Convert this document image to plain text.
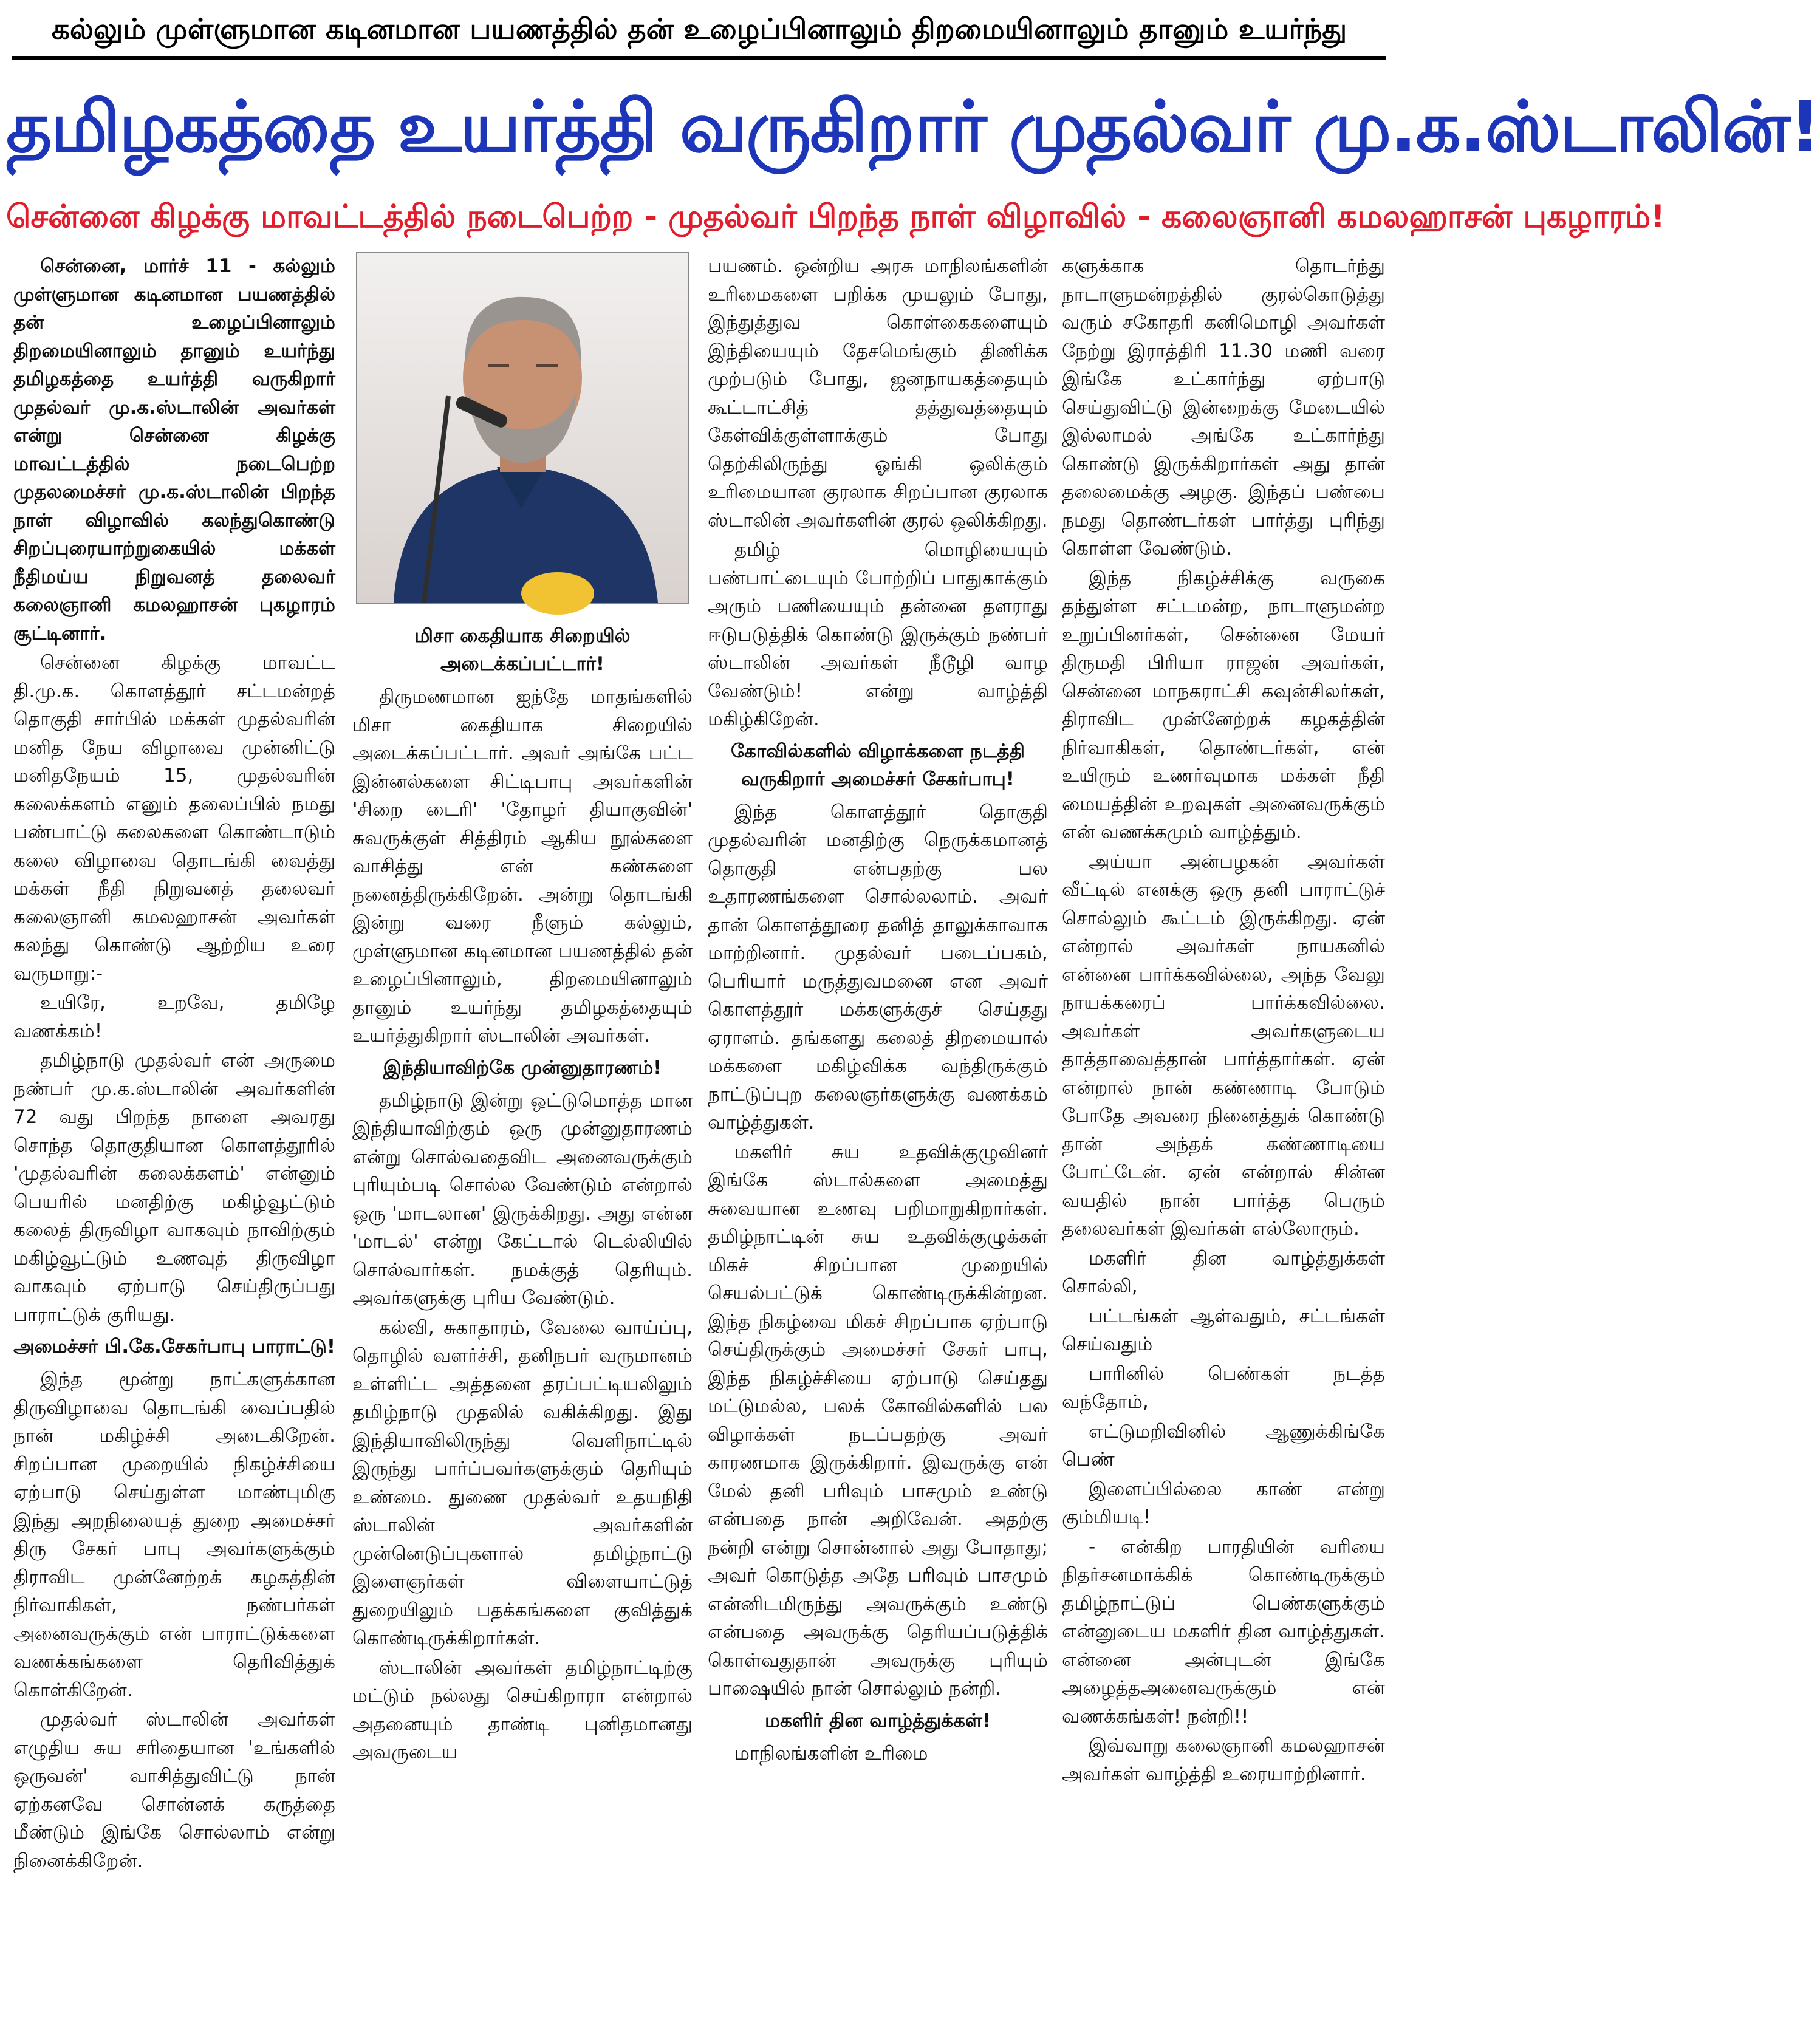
கல்லும் முள்ளுமான கடினமான பயணத்தில் தன் உழைப்பினாலும் திறமையினாலும் தானும் உயர்ந்து
தமிழகத்தை உயர்த்தி வருகிறார் முதல்வர் மு.க.ஸ்டாலின்!
சென்னை கிழக்கு மாவட்டத்தில் நடைபெற்ற - முதல்வர் பிறந்த நாள் விழாவில் - கலைஞானி கமலஹாசன் புகழாரம்!

சென்னை, மார்ச் 11 - கல்லும் முள்ளுமான கடினமான பயணத்தில் தன் உழைப்பினாலும் திறமையினாலும் தானும் உயர்ந்து தமிழகத்தை உயர்த்தி வருகிறார் முதல்வர் மு.க.ஸ்டாலின் அவர்கள் என்று சென்னை கிழக்கு மாவட்டத்தில் நடைபெற்ற முதலமைச்சர் மு.க.ஸ்டாலின் பிறந்த நாள் விழாவில் கலந்துகொண்டு சிறப்புரையாற்றுகையில் மக்கள் நீதிமய்ய நிறுவனத் தலைவர் கலைஞானி கமலஹாசன் புகழாரம் சூட்டினார்.

சென்னை கிழக்கு மாவட்ட தி.மு.க. கொளத்தூர் சட்டமன்றத் தொகுதி சார்பில் மக்கள் முதல்வரின் மனித நேய விழாவை முன்னிட்டு மனிதநேயம் 15, முதல்வரின் கலைக்களம் எனும் தலைப்பில் நமது பண்பாட்டு கலைகளை கொண்டாடும் கலை விழாவை தொடங்கி வைத்து மக்கள் நீதி நிறுவனத் தலைவர் கலைஞானி கமலஹாசன் அவர்கள் கலந்து கொண்டு ஆற்றிய உரை வருமாறு:-

உயிரே, உறவே, தமிழே வணக்கம்!

தமிழ்நாடு முதல்வர் என் அருமை நண்பர் மு.க.ஸ்டாலின் அவர்களின் 72 வது பிறந்த நாளை அவரது சொந்த தொகுதியான கொளத்தூரில் 'முதல்வரின் கலைக்களம்' என்னும் பெயரில் மனதிற்கு மகிழ்வூட்டும் கலைத் திருவிழா வாகவும் நாவிற்கும் மகிழ்வூட்டும் உணவுத் திருவிழா வாகவும் ஏற்பாடு செய்திருப்பது பாராட்டுக் குரியது.

அமைச்சர் பி.கே.சேகர்பாபு பாராட்டு!

இந்த மூன்று நாட்களுக்கான திருவிழாவை தொடங்கி வைப்பதில் நான் மகிழ்ச்சி அடைகிறேன். சிறப்பான முறையில் நிகழ்ச்சியை ஏற்பாடு செய்துள்ள மாண்புமிகு இந்து அறநிலையத் துறை அமைச்சர் திரு சேகர் பாபு அவர்களுக்கும் திராவிட முன்னேற்றக் கழகத்தின் நிர்வாகிகள், நண்பர்கள் அனைவருக்கும் என் பாராட்டுக்களை வணக்கங்களை தெரிவித்துக் கொள்கிறேன்.

முதல்வர் ஸ்டாலின் அவர்கள் எழுதிய சுய சரிதையான 'உங்களில் ஒருவன்' வாசித்துவிட்டு நான் ஏற்கனவே சொன்னக் கருத்தை மீண்டும் இங்கே சொல்லாம் என்று நினைக்கிறேன்.

மிசா கைதியாக சிறையில் அடைக்கப்பட்டார்!

திருமணமான ஐந்தே மாதங்களில் மிசா கைதியாக சிறையில் அடைக்கப்பட்டார். அவர் அங்கே பட்ட இன்னல்களை சிட்டிபாபு அவர்களின் 'சிறை டைரி' 'தோழர் தியாகுவின்' சுவருக்குள் சித்திரம் ஆகிய நூல்களை வாசித்து என் கண்களை நனைத்திருக்கிறேன். அன்று தொடங்கி இன்று வரை நீளும் கல்லும், முள்ளுமான கடினமான பயணத்தில் தன் உழைப்பினாலும், திறமையினாலும் தானும் உயர்ந்து தமிழகத்தையும் உயர்த்துகிறார் ஸ்டாலின் அவர்கள்.

இந்தியாவிற்கே முன்னுதாரணம்!

தமிழ்நாடு இன்று ஒட்டுமொத்த மான இந்தியாவிற்கும் ஒரு முன்னுதாரணம் என்று சொல்வதைவிட அனைவருக்கும் புரியும்படி சொல்ல வேண்டும் என்றால் ஒரு 'மாடலான' இருக்கிறது. அது என்ன 'மாடல்' என்று கேட்டால் டெல்லியில் சொல்வார்கள். நமக்குத் தெரியும். அவர்களுக்கு புரிய வேண்டும்.

கல்வி, சுகாதாரம், வேலை வாய்ப்பு, தொழில் வளர்ச்சி, தனிநபர் வருமானம் உள்ளிட்ட அத்தனை தரப்பட்டியலிலும் தமிழ்நாடு முதலில் வகிக்கிறது. இது இந்தியாவிலிருந்து வெளிநாட்டில் இருந்து பார்ப்பவர்களுக்கும் தெரியும் உண்மை. துணை முதல்வர் உதயநிதி ஸ்டாலின் அவர்களின் முன்னெடுப்புகளால் தமிழ்நாட்டு இளைஞர்கள் விளையாட்டுத் துறையிலும் பதக்கங்களை குவித்துக் கொண்டிருக்கிறார்கள்.

ஸ்டாலின் அவர்கள் தமிழ்நாட்டிற்கு மட்டும் நல்லது செய்கிறாரா என்றால் அதனையும் தாண்டி புனிதமானது அவருடைய

பயணம். ஒன்றிய அரசு மாநிலங்களின் உரிமைகளை பறிக்க முயலும் போது, இந்துத்துவ கொள்கைகளையும் இந்தியையும் தேசமெங்கும் திணிக்க முற்படும் போது, ஜனநாயகத்தையும் கூட்டாட்சித் தத்துவத்தையும் கேள்விக்குள்ளாக்கும் போது தெற்கிலிருந்து ஓங்கி ஒலிக்கும் உரிமையான குரலாக சிறப்பான குரலாக ஸ்டாலின் அவர்களின் குரல் ஒலிக்கிறது.

தமிழ் மொழியையும் பண்பாட்டையும் போற்றிப் பாதுகாக்கும் அரும் பணியையும் தன்னை தளராது ஈடுபடுத்திக் கொண்டு இருக்கும் நண்பர் ஸ்டாலின் அவர்கள் நீடூழி வாழ வேண்டும்! என்று வாழ்த்தி மகிழ்கிறேன்.

கோவில்களில் விழாக்களை நடத்தி வருகிறார் அமைச்சர் சேகர்பாபு!

இந்த கொளத்தூர் தொகுதி முதல்வரின் மனதிற்கு நெருக்கமானத் தொகுதி என்பதற்கு பல உதாரணங்களை சொல்லலாம். அவர் தான் கொளத்தூரை தனித் தாலுக்காவாக மாற்றினார். முதல்வர் படைப்பகம், பெரியார் மருத்துவமனை என அவர் கொளத்தூர் மக்களுக்குச் செய்தது ஏராளம். தங்களது கலைத் திறமையால் மக்களை மகிழ்விக்க வந்திருக்கும் நாட்டுப்புற கலைஞர்களுக்கு வணக்கம் வாழ்த்துகள்.

மகளிர் சுய உதவிக்குழுவினர் இங்கே ஸ்டால்களை அமைத்து சுவையான உணவு பறிமாறுகிறார்கள். தமிழ்நாட்டின் சுய உதவிக்குழுக்கள் மிகச் சிறப்பான முறையில் செயல்பட்டுக் கொண்டிருக்கின்றன. இந்த நிகழ்வை மிகச் சிறப்பாக ஏற்பாடு செய்திருக்கும் அமைச்சர் சேகர் பாபு, இந்த நிகழ்ச்சியை ஏற்பாடு செய்தது மட்டுமல்ல, பலக் கோவில்களில் பல விழாக்கள் நடப்பதற்கு அவர் காரணமாக இருக்கிறார். இவருக்கு என் மேல் தனி பரிவும் பாசமும் உண்டு என்பதை நான் அறிவேன். அதற்கு நன்றி என்று சொன்னால் அது போதாது; அவர் கொடுத்த அதே பரிவும் பாசமும் என்னிடமிருந்து அவருக்கும் உண்டு என்பதை அவருக்கு தெரியப்படுத்திக் கொள்வதுதான் அவருக்கு புரியும் பாஷையில் நான் சொல்லும் நன்றி.

மகளிர் தின வாழ்த்துக்கள்!

மாநிலங்களின் உரிமை

களுக்காக தொடர்ந்து நாடாளுமன்றத்தில் குரல்கொடுத்து வரும் சகோதரி கனிமொழி அவர்கள் நேற்று இராத்திரி 11.30 மணி வரை இங்கே உட்கார்ந்து ஏற்பாடு செய்துவிட்டு இன்றைக்கு மேடையில் இல்லாமல் அங்கே உட்கார்ந்து கொண்டு இருக்கிறார்கள் அது தான் தலைமைக்கு அழகு. இந்தப் பண்பை நமது தொண்டர்கள் பார்த்து புரிந்து கொள்ள வேண்டும்.

இந்த நிகழ்ச்சிக்கு வருகை தந்துள்ள சட்டமன்ற, நாடாளுமன்ற உறுப்பினர்கள், சென்னை மேயர் திருமதி பிரியா ராஜன் அவர்கள், சென்னை மாநகராட்சி கவுன்சிலர்கள், திராவிட முன்னேற்றக் கழகத்தின் நிர்வாகிகள், தொண்டர்கள், என் உயிரும் உணர்வுமாக மக்கள் நீதி மையத்தின் உறவுகள் அனைவருக்கும் என் வணக்கமும் வாழ்த்தும்.

அய்யா அன்பழகன் அவர்கள் வீட்டில் எனக்கு ஒரு தனி பாராட்டுச் சொல்லும் கூட்டம் இருக்கிறது. ஏன் என்றால் அவர்கள் நாயகனில் என்னை பார்க்கவில்லை, அந்த வேலு நாயக்கரைப் பார்க்கவில்லை. அவர்கள் அவர்களுடைய தாத்தாவைத்தான் பார்த்தார்கள். ஏன் என்றால் நான் கண்ணாடி போடும் போதே அவரை நினைத்துக் கொண்டு தான் அந்தக் கண்ணாடியை போட்டேன். ஏன் என்றால் சின்ன வயதில் நான் பார்த்த பெரும் தலைவர்கள் இவர்கள் எல்லோரும்.

மகளிர் தின வாழ்த்துக்கள் சொல்லி,

பட்டங்கள் ஆள்வதும், சட்டங்கள் செய்வதும்

பாரினில் பெண்கள் நடத்த வந்தோம்,

எட்டுமறிவினில் ஆணுக்கிங்கே பெண்

இளைப்பில்லை காண் என்று கும்மியடி!

- என்கிற பாரதியின் வரியை நிதர்சனமாக்கிக் கொண்டிருக்கும் தமிழ்நாட்டுப் பெண்களுக்கும் என்னுடைய மகளிர் தின வாழ்த்துகள். என்னை அன்புடன் இங்கே அழைத்தஅனைவருக்கும் என் வணக்கங்கள்! நன்றி!!

இவ்வாறு கலைஞானி கமலஹாசன் அவர்கள் வாழ்த்தி உரையாற்றினார்.
